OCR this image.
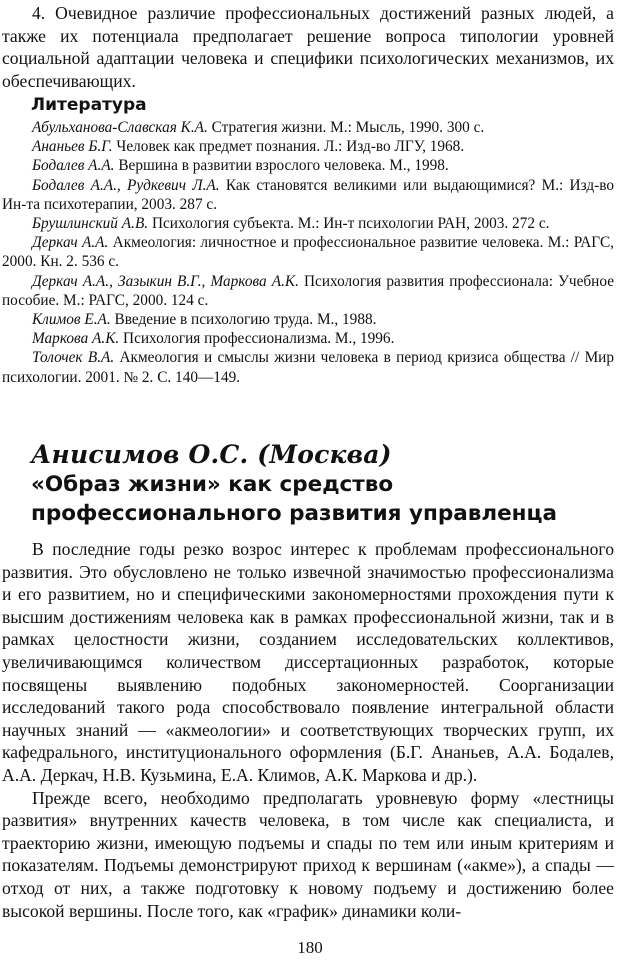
4. Очевидное различие профессиональных достижений разных людей, а также их потенциала предполагает решение вопроса типологии уровней социальной адаптации человека и специфики психологических механизмов, их обеспечивающих.

Литература

Абульханова-Славская К.А. Стратегия жизни. М.: Мысль, 1990. 300 с.

Ананьев Б.Г. Человек как предмет познания. Л.: Изд-во ЛГУ, 1968.

Бодалев А.А. Вершина в развитии взрослого человека. М., 1998.

Бодалев А.А., Рудкевич Л.А. Как становятся великими или выдающимися? М.: Изд-во Ин-та психотерапии, 2003. 287 с.

Брушлинский А.В. Психология субъекта. М.: Ин-т психологии РАН, 2003. 272 с.

Деркач А.А. Акмеология: личностное и профессиональное развитие человека. М.: РАГС, 2000. Кн. 2. 536 с.

Деркач А.А., Зазыкин В.Г., Маркова А.К. Психология развития профессионала: Учебное пособие. М.: РАГС, 2000. 124 с.

Климов Е.А. Введение в психологию труда. М., 1988.

Маркова А.К. Психология профессионализма. М., 1996.

Толочек В.А. Акмеология и смыслы жизни человека в период кризиса общества // Мир психологии. 2001. № 2. С. 140—149.

Анисимов О.С. (Москва)
«Образ жизни» как средство профессионального развития управленца

В последние годы резко возрос интерес к проблемам профессионального развития. Это обусловлено не только извечной значимостью профессионализма и его развитием, но и специфическими закономерностями прохождения пути к высшим достижениям человека как в рамках профессиональной жизни, так и в рамках целостности жизни, созданием исследовательских коллективов, увеличивающимся количеством диссертационных разработок, которые посвящены выявлению подобных закономерностей. Соорганизации исследований такого рода способствовало появление интегральной области научных знаний — «акмеологии» и соответствующих творческих групп, их кафедрального, институционального оформления (Б.Г. Ананьев, А.А. Бодалев, А.А. Деркач, Н.В. Кузьмина, Е.А. Климов, А.К. Маркова и др.).

Прежде всего, необходимо предполагать уровневую форму «лестницы развития» внутренних качеств человека, в том числе как специалиста, и траекторию жизни, имеющую подъемы и спады по тем или иным критериям и показателям. Подъемы демонстрируют приход к вершинам («акме»), а спады — отход от них, а также подготовку к новому подъему и достижению более высокой вершины. После того, как «график» динамики коли-

180
